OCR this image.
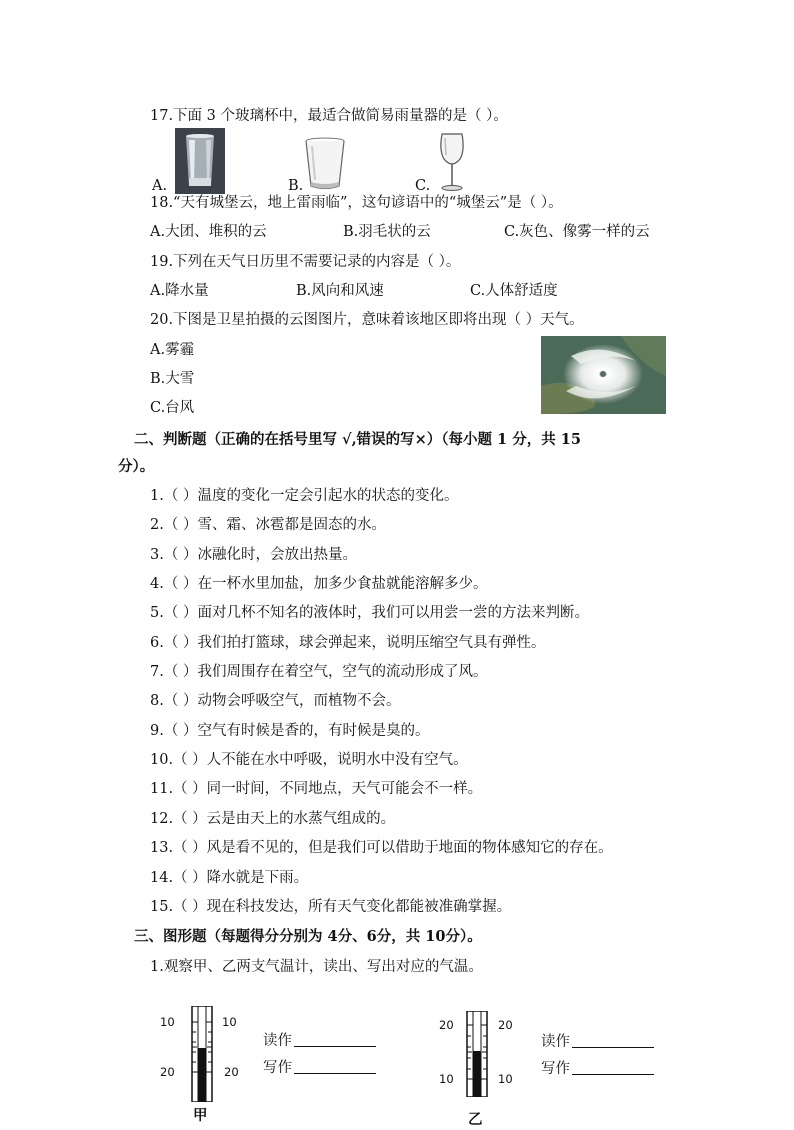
17.下面 3 个玻璃杯中，最适合做简易雨量器的是（ ）。
A.	B.	C.
18.“天有城堡云，地上雷雨临”，这句谚语中的“城堡云”是（ ）。
A.大团、堆积的云	B.羽毛状的云	C.灰色、像雾一样的云
19.下列在天气日历里不需要记录的内容是（ ）。
A.降水量	B.风向和风速	C.人体舒适度
20.下图是卫星拍摄的云图图片，意味着该地区即将出现（ ）天气。
A.雾霾
B.大雪
C.台风
二、判断题（正确的在括号里写 √,错误的写×）（每小题 1 分，共 15
分）。
1.（ ）温度的变化一定会引起水的状态的变化。
2.（ ）雪、霜、冰雹都是固态的水。
3.（ ）冰融化时，会放出热量。
4.（ ）在一杯水里加盐，加多少食盐就能溶解多少。
5.（ ）面对几杯不知名的液体时，我们可以用尝一尝的方法来判断。
6.（ ）我们拍打篮球，球会弹起来，说明压缩空气具有弹性。
7.（ ）我们周围存在着空气，空气的流动形成了风。
8.（ ）动物会呼吸空气，而植物不会。
9.（ ）空气有时候是香的，有时候是臭的。
10.（ ）人不能在水中呼吸，说明水中没有空气。
11.（ ）同一时间，不同地点，天气可能会不一样。
12.（ ）云是由天上的水蒸气组成的。
13.（ ）风是看不见的，但是我们可以借助于地面的物体感知它的存在。
14.（ ）降水就是下雨。
15.（ ）现在科技发达，所有天气变化都能被准确掌握。
三、图形题（每题得分分别为 4分、6分，共 10分）。
1.观察甲、乙两支气温计，读出、写出对应的气温。
10	10
20	20
甲
读作
写作
20	20
10	10
乙
读作
写作
